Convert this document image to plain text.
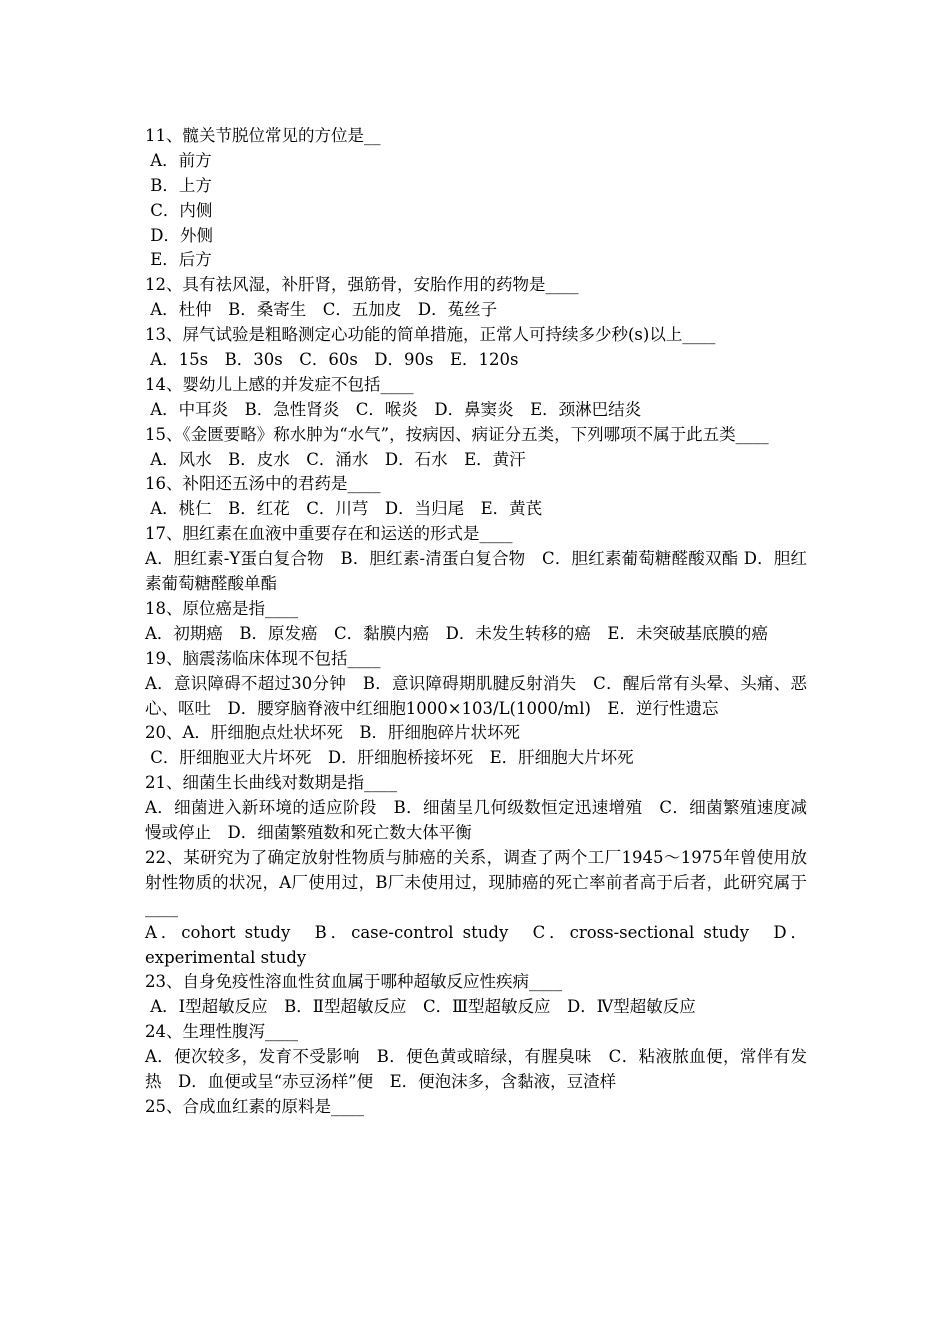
11、髋关节脱位常见的方位是__
A．前方
B．上方
C．内侧
D．外侧
E．后方
12、具有祛风湿，补肝肾，强筋骨，安胎作用的药物是____
A．杜仲　B．桑寄生　C．五加皮　D．菟丝子
13、屏气试验是粗略测定心功能的简单措施，正常人可持续多少秒(s)以上____
A．15s　B．30s　C．60s　D．90s　E．120s
14、婴幼儿上感的并发症不包括____
A．中耳炎　B．急性肾炎　C．喉炎　D．鼻窦炎　E．颈淋巴结炎
15、《金匮要略》称水肿为“水气”，按病因、病证分五类，下列哪项不属于此五类____
A．风水　B．皮水　C．涌水　D．石水　E．黄汗
16、补阳还五汤中的君药是____
A．桃仁　B．红花　C．川芎　D．当归尾　E．黄芪
17、胆红素在血液中重要存在和运送的形式是____
A．胆红素-Y蛋白复合物　B．胆红素-清蛋白复合物　C．胆红素葡萄糖醛酸双酯 D．胆红素葡萄糖醛酸单酯
18、原位癌是指____
A．初期癌　B．原发癌　C．黏膜内癌　D．未发生转移的癌　E．未突破基底膜的癌
19、脑震荡临床体现不包括____
A．意识障碍不超过30分钟　B．意识障碍期肌腱反射消失　C．醒后常有头晕、头痛、恶心、呕吐　D．腰穿脑脊液中红细胞1000×103/L(1000/ml)　E．逆行性遗忘
20、A．肝细胞点灶状坏死　B．肝细胞碎片状坏死
C．肝细胞亚大片坏死　D．肝细胞桥接坏死　E．肝细胞大片坏死
21、细菌生长曲线对数期是指____
A．细菌进入新环境的适应阶段　B．细菌呈几何级数恒定迅速增殖　C．细菌繁殖速度减慢或停止　D．细菌繁殖数和死亡数大体平衡
22、某研究为了确定放射性物质与肺癌的关系，调查了两个工厂1945～1975年曾使用放射性物质的状况，A厂使用过，B厂未使用过，现肺癌的死亡率前者高于后者，此研究属于____
A．cohort study　B．case-control study　C．cross-sectional study　D．experimental study
23、自身免疫性溶血性贫血属于哪种超敏反应性疾病____
A．Ⅰ型超敏反应　B．Ⅱ型超敏反应　C．Ⅲ型超敏反应　D．Ⅳ型超敏反应
24、生理性腹泻____
A．便次较多，发育不受影响　B．便色黄或暗绿，有腥臭味　C．粘液脓血便，常伴有发热　D．血便或呈“赤豆汤样”便　E．便泡沫多，含黏液，豆渣样
25、合成血红素的原料是____
